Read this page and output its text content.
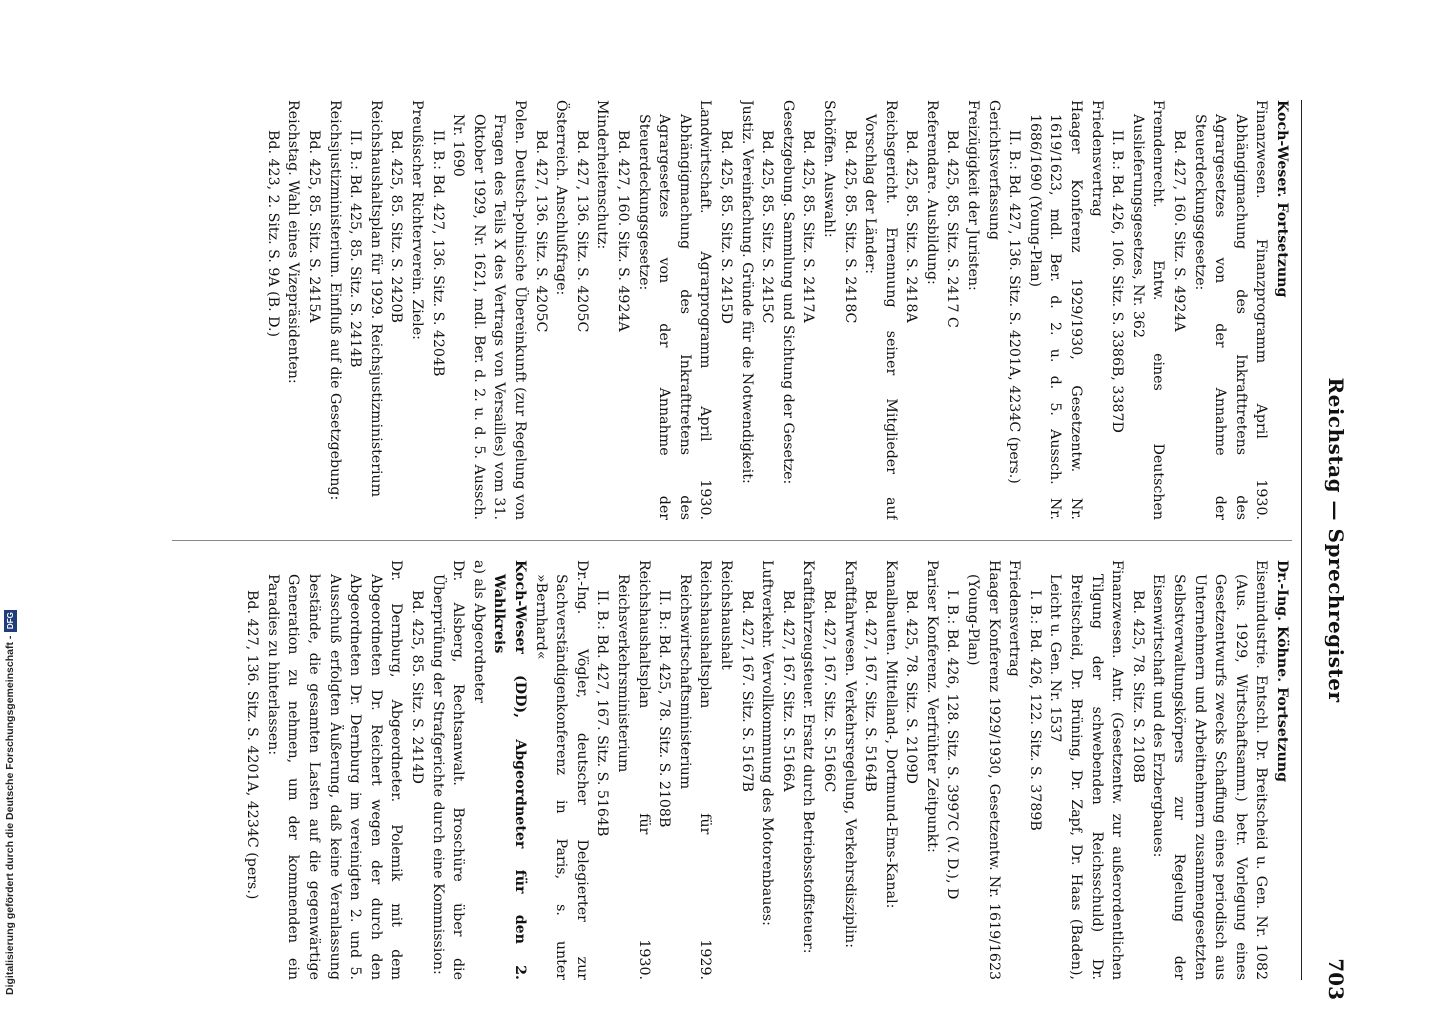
Reichstag — Sprechregister
703

Koch-Weser. Fortsetzung

Finanzwesen. Finanzprogramm April 1930. Abhängigmachung des Inkrafttretens des Agrargesetzes von der Annahme der Steuerdeckungsgesetze:

Bd. 427, 160. Sitz. S. 4924A

Fremdenrecht. Entw. eines Deutschen Auslieferungsgesetzes, Nr. 362

II. B.: Bd. 426, 106. Sitz. S. 3386B, 3387D

Friedensvertrag

Haager Konferenz 1929/1930, Gesetzentw. Nr. 1619/1623, mdl. Ber. d. 2. u. d. 5. Aussch. Nr. 1686/1690 (Young-Plan)

II. B.: Bd. 427, 136. Sitz. S. 4201A, 4234C (pers.)

Gerichtsverfassung

Freizügigkeit der Juristen:

Bd. 425, 85. Sitz. S. 2417 C

Referendare. Ausbildung:

Bd. 425, 85. Sitz. S. 2418A

Reichsgericht. Ernennung seiner Mitglieder auf Vorschlag der Länder:

Bd. 425, 85. Sitz. S. 2418C

Schöffen. Auswahl:

Bd. 425, 85. Sitz. S. 2417A

Gesetzgebung. Sammlung und Sichtung der Gesetze:

Bd. 425, 85. Sitz. S. 2415C

Justiz. Vereinfachung. Gründe für die Notwendigkeit:

Bd. 425, 85. Sitz. S. 2415D

Landwirtschaft. Agrarprogramm April 1930. Abhängigmachung des Inkrafttretens des Agrargesetzes von der Annahme der Steuerdeckungsgesetze:

Bd. 427, 160. Sitz. S. 4924A

Minderheitenschutz:

Bd. 427, 136. Sitz. S. 4205C

Österreich. Anschlußfrage:

Bd. 427, 136. Sitz. S. 4205C

Polen. Deutsch-polnische Übereinkunft (zur Regelung von Fragen des Teils X des Vertrags von Versailles) vom 31. Oktober 1929, Nr. 1621, mdl. Ber. d. 2. u. d. 5. Aussch. Nr. 1690

II. B.: Bd. 427, 136. Sitz. S. 4204B

Preußischer Richterverein. Ziele:

Bd. 425, 85. Sitz. S. 2420B

Reichshaushaltsplan für 1929. Reichsjustizministerium

II. B.: Bd. 425, 85. Sitz. S. 2414B

Reichsjustizministerium. Einfluß auf die Gesetzgebung:

Bd. 425, 85. Sitz. S. 2415A

Reichstag. Wahl eines Vizepräsidenten:

Bd. 423, 2. Sitz. S. 9A (B. D.)

Dr.-Ing. Köhne. Fortsetzung

Eisenindustrie. Entschl. Dr. Breitscheid u. Gen. Nr. 1082 (Aus. 1929, Wirtschaftsamm.) betr. Vorlegung eines Gesetzentwurfs zwecks Schaffung eines periodisch aus Unternehmern und Arbeitnehmern zusammengesetzten Selbstverwaltungskörpers zur Regelung der Eisenwirtschaft und des Erzbergbaues:

Bd. 425, 78. Sitz. S. 2108B

Finanzwesen. Antr. (Gesetzentw. zur außerordentlichen Tilgung der schwebenden Reichsschuld) Dr. Breitscheid, Dr. Brüning, Dr. Zapf, Dr. Haas (Baden), Leicht u. Gen. Nr. 1537

I. B.: Bd. 426, 122. Sitz. S. 3789B

Friedensvertrag

Haager Konferenz 1929/1930, Gesetzentw. Nr. 1619/1623 (Young-Plan)

I. B.: Bd. 426, 128. Sitz. S. 3997C (V. D.), D

Pariser Konferenz. Verfrühter Zeitpunkt:

Bd. 425, 78. Sitz. S. 2109D

Kanalbauten. Mittelland-, Dortmund-Ems-Kanal:

Bd. 427, 167. Sitz. S. 5164B

Kraftfahrwesen. Verkehrsregelung, Verkehrsdisziplin:

Bd. 427, 167. Sitz. S. 5166C

Kraftfahrzeugsteuer. Ersatz durch Betriebsstoffsteuer:

Bd. 427, 167. Sitz. S. 5166A

Luftverkehr. Vervollkommnung des Motorenbaues:

Bd. 427, 167. Sitz. S. 5167B

Reichshaushalt

Reichshaushaltsplan für 1929. Reichswirtschaftsministerium

II. B.: Bd. 425, 78. Sitz. S. 2108B

Reichshaushaltsplan für 1930. Reichsverkehrsministerium

II. B.: Bd. 427, 167. Sitz. S. 5164B

Dr.-Ing. Vögler, deutscher Delegierter zur Sachverständigenkonferenz in Paris, s. unter »Bernhard«

Koch-Weser (DD), Abgeordneter für den 2. Wahlkreis

a) als Abgeordneter

Dr. Alsberg, Rechtsanwalt. Broschüre über die Überprüfung der Strafgerichte durch eine Kommission:

Bd. 425, 85. Sitz. S. 2414D

Dr. Dernburg, Abgeordneter. Polemik mit dem Abgeordneten Dr. Reichert wegen der durch den Abgeordneten Dr. Dernburg im vereinigten 2. und 5. Ausschuß erfolgten Äußerung, daß keine Veranlassung bestände, die gesamten Lasten auf die gegenwärtige Generation zu nehmen, um der kommenden ein Paradies zu hinterlassen:

Bd. 427, 136. Sitz. S. 4201A, 4234C (pers.)

Digitalisierung gefördert durch die Deutsche Forschungsgemeinschaft -
DFG
